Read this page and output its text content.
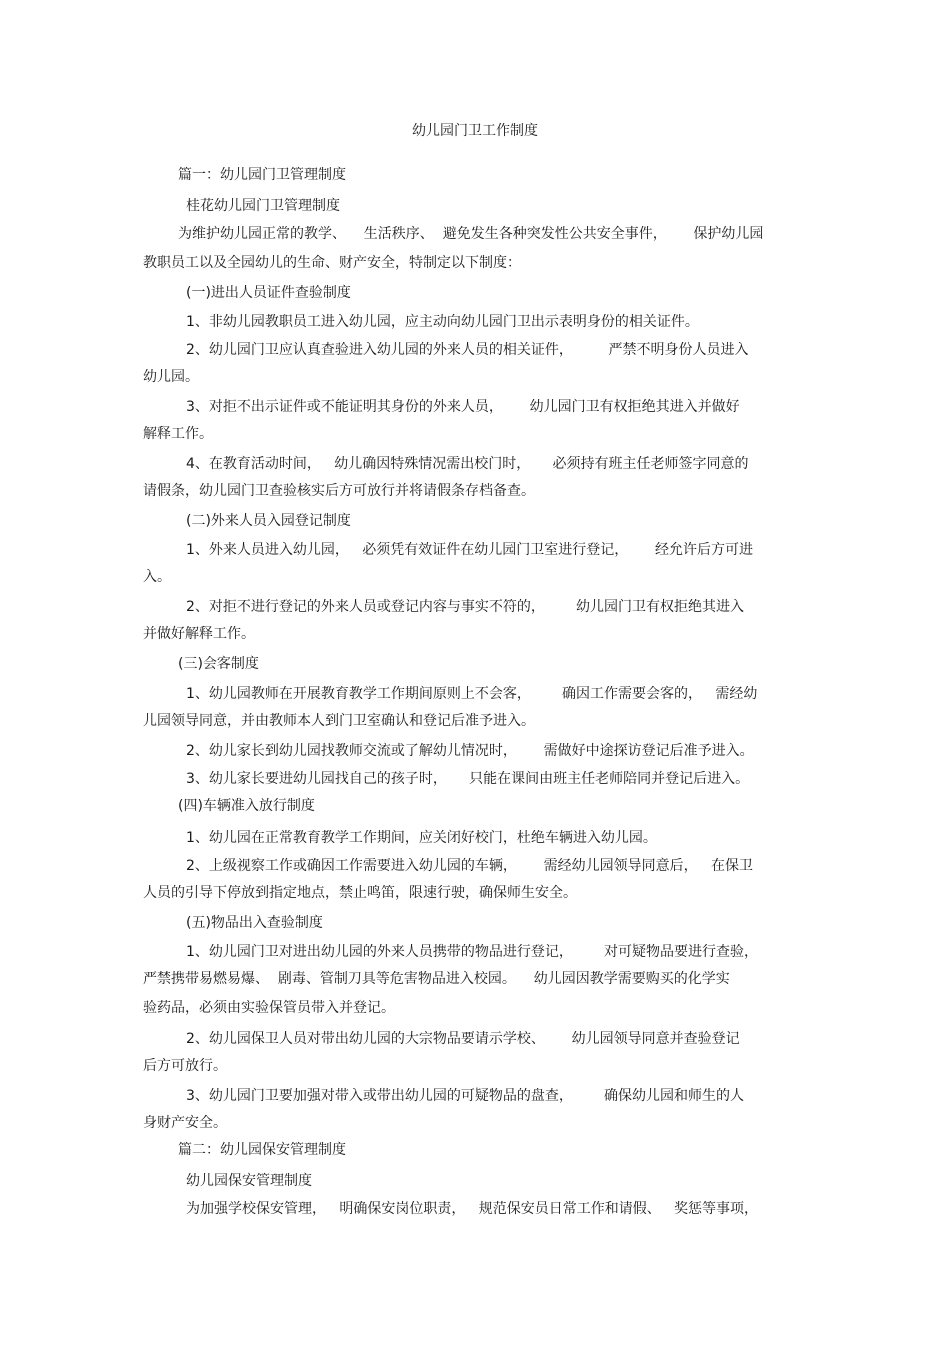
幼儿园门卫工作制度
篇一：幼儿园门卫管理制度
桂花幼儿园门卫管理制度
为维护幼儿园正常的教学、    生活秩序、  避免发生各种突发性公共安全事件，      保护幼儿园
教职员工以及全园幼儿的生命、财产安全，特制定以下制度：
(一)进出人员证件查验制度
1、非幼儿园教职员工进入幼儿园，应主动向幼儿园门卫出示表明身份的相关证件。
2、幼儿园门卫应认真查验进入幼儿园的外来人员的相关证件，        严禁不明身份人员进入
幼儿园。
3、对拒不出示证件或不能证明其身份的外来人员，      幼儿园门卫有权拒绝其进入并做好
解释工作。
4、在教育活动时间，   幼儿确因特殊情况需出校门时，     必须持有班主任老师签字同意的
请假条，幼儿园门卫查验核实后方可放行并将请假条存档备查。
(二)外来人员入园登记制度
1、外来人员进入幼儿园，   必须凭有效证件在幼儿园门卫室进行登记，      经允许后方可进
入。
2、对拒不进行登记的外来人员或登记内容与事实不符的，       幼儿园门卫有权拒绝其进入
并做好解释工作。
(三)会客制度
1、幼儿园教师在开展教育教学工作期间原则上不会客，       确因工作需要会客的，   需经幼
儿园领导同意，并由教师本人到门卫室确认和登记后准予进入。
2、幼儿家长到幼儿园找教师交流或了解幼儿情况时，      需做好中途探访登记后准予进入。
3、幼儿家长要进幼儿园找自己的孩子时，     只能在课间由班主任老师陪同并登记后进入。
(四)车辆准入放行制度
1、幼儿园在正常教育教学工作期间，应关闭好校门，杜绝车辆进入幼儿园。
2、上级视察工作或确因工作需要进入幼儿园的车辆，      需经幼儿园领导同意后，   在保卫
人员的引导下停放到指定地点，禁止鸣笛，限速行驶，确保师生安全。
(五)物品出入查验制度
1、幼儿园门卫对进出幼儿园的外来人员携带的物品进行登记，       对可疑物品要进行查验，
严禁携带易燃易爆、  剧毒、管制刀具等危害物品进入校园。    幼儿园因教学需要购买的化学实
验药品，必须由实验保管员带入并登记。
2、幼儿园保卫人员对带出幼儿园的大宗物品要请示学校、      幼儿园领导同意并查验登记
后方可放行。
3、幼儿园门卫要加强对带入或带出幼儿园的可疑物品的盘查，       确保幼儿园和师生的人
身财产安全。
篇二：幼儿园保安管理制度
幼儿园保安管理制度
为加强学校保安管理，   明确保安岗位职责，   规范保安员日常工作和请假、   奖惩等事项，
